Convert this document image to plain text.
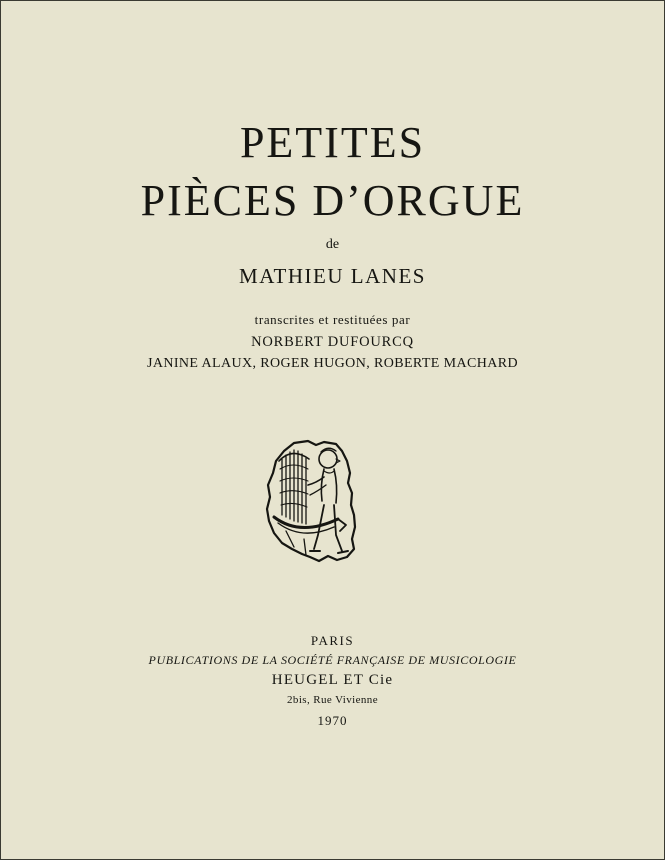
PETITES
PIÈCES D’ORGUE

de

MATHIEU LANES

transcrites et restituées par

NORBERT DUFOURCQ

JANINE ALAUX, ROGER HUGON, ROBERTE MACHARD

PARIS

PUBLICATIONS DE LA SOCIÉTÉ FRANÇAISE DE MUSICOLOGIE

HEUGEL ET Cie

2bis, Rue Vivienne

1970
